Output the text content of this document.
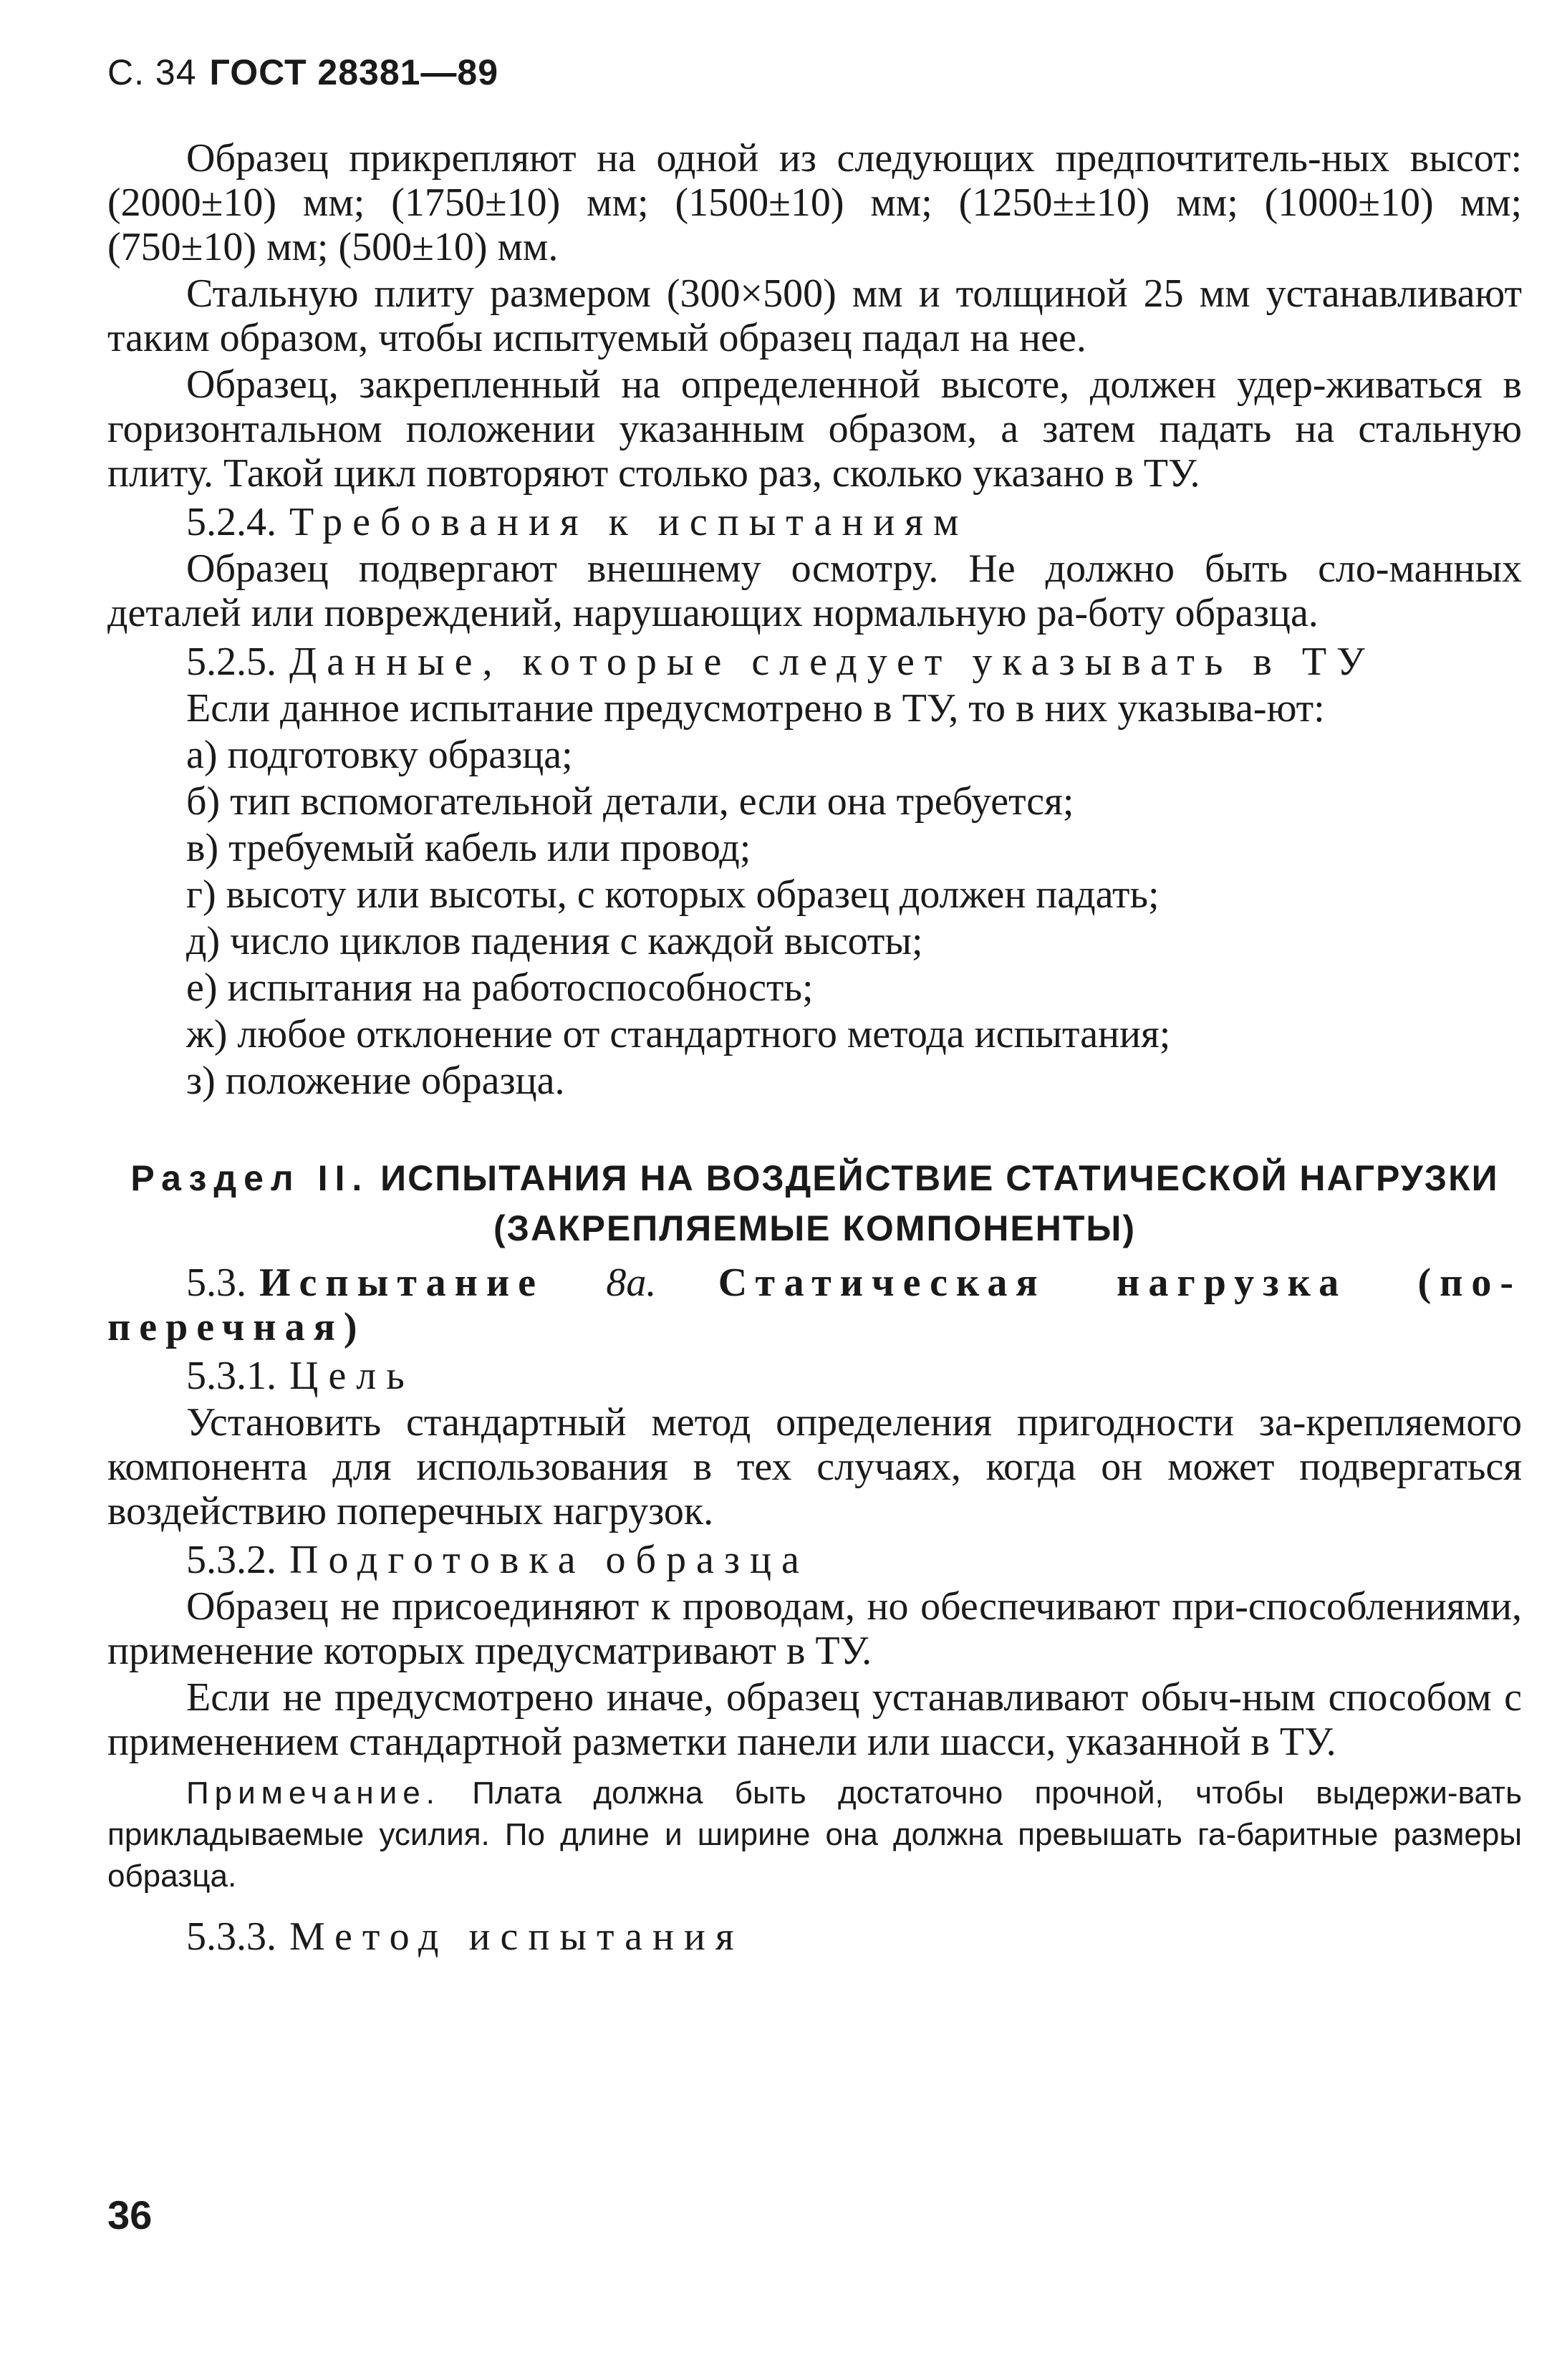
С. 34 ГОСТ 28381—89

Образец прикрепляют на одной из следующих предпочтитель-ных высот: (2000±10) мм; (1750±10) мм; (1500±10) мм; (1250±±10) мм; (1000±10) мм; (750±10) мм; (500±10) мм.

Стальную плиту размером (300×500) мм и толщиной 25 мм устанавливают таким образом, чтобы испытуемый образец падал на нее.

Образец, закрепленный на определенной высоте, должен удер-живаться в горизонтальном положении указанным образом, а затем падать на стальную плиту. Такой цикл повторяют столько раз, сколько указано в ТУ.

5.2.4. Требования к испытаниям

Образец подвергают внешнему осмотру. Не должно быть сло-манных деталей или повреждений, нарушающих нормальную ра-боту образца.

5.2.5. Данные, которые следует указывать в ТУ

Если данное испытание предусмотрено в ТУ, то в них указыва-ют:

а) подготовку образца;

б) тип вспомогательной детали, если она требуется;

в) требуемый кабель или провод;

г) высоту или высоты, с которых образец должен падать;

д) число циклов падения с каждой высоты;

е) испытания на работоспособность;

ж) любое отклонение от стандартного метода испытания;

з) положение образца.

Раздел II. ИСПЫТАНИЯ НА ВОЗДЕЙСТВИЕ СТАТИЧЕСКОЙ НАГРУЗКИ
(ЗАКРЕПЛЯЕМЫЕ КОМПОНЕНТЫ)

5.3. Испытание 8а. Статическая нагрузка (по-перечная)

5.3.1. Цель

Установить стандартный метод определения пригодности за-крепляемого компонента для использования в тех случаях, когда он может подвергаться воздействию поперечных нагрузок.

5.3.2. Подготовка образца

Образец не присоединяют к проводам, но обеспечивают при-способлениями, применение которых предусматривают в ТУ.

Если не предусмотрено иначе, образец устанавливают обыч-ным способом с применением стандартной разметки панели или шасси, указанной в ТУ.

Примечание. Плата должна быть достаточно прочной, чтобы выдержи-вать прикладываемые усилия. По длине и ширине она должна превышать га-баритные размеры образца.

5.3.3. Метод испытания

36
